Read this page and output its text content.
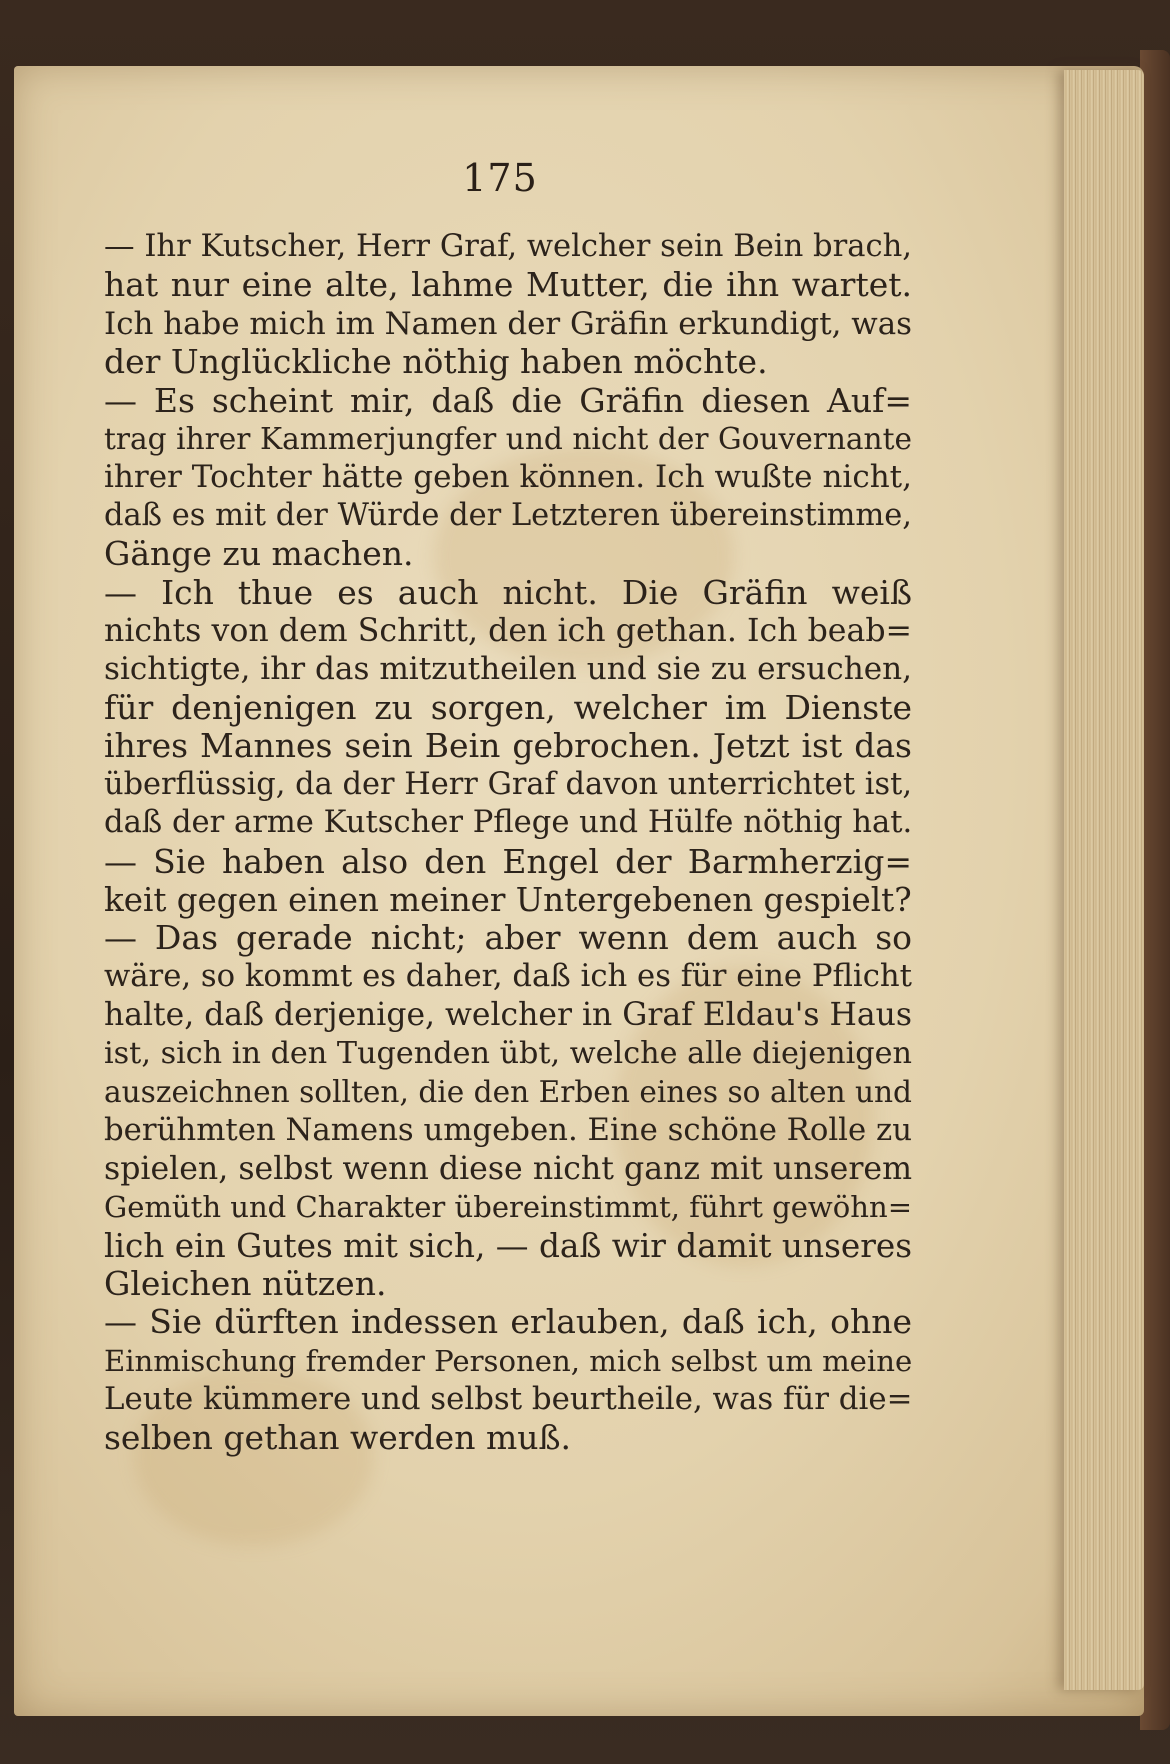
175
— Ihr Kutscher, Herr Graf, welcher sein Bein brach,
hat nur eine alte, lahme Mutter, die ihn wartet.
Ich habe mich im Namen der Gräfin erkundigt, was
der Unglückliche nöthig haben möchte.
— Es scheint mir, daß die Gräfin diesen Auf=
trag ihrer Kammerjungfer und nicht der Gouvernante
ihrer Tochter hätte geben können. Ich wußte nicht,
daß es mit der Würde der Letzteren übereinstimme,
Gänge zu machen.
— Ich thue es auch nicht. Die Gräfin weiß
nichts von dem Schritt, den ich gethan. Ich beab=
sichtigte, ihr das mitzutheilen und sie zu ersuchen,
für denjenigen zu sorgen, welcher im Dienste
ihres Mannes sein Bein gebrochen. Jetzt ist das
überflüssig, da der Herr Graf davon unterrichtet ist,
daß der arme Kutscher Pflege und Hülfe nöthig hat.
— Sie haben also den Engel der Barmherzig=
keit gegen einen meiner Untergebenen gespielt?
— Das gerade nicht; aber wenn dem auch so
wäre, so kommt es daher, daß ich es für eine Pflicht
halte, daß derjenige, welcher in Graf Eldau's Haus
ist, sich in den Tugenden übt, welche alle diejenigen
auszeichnen sollten, die den Erben eines so alten und
berühmten Namens umgeben. Eine schöne Rolle zu
spielen, selbst wenn diese nicht ganz mit unserem
Gemüth und Charakter übereinstimmt, führt gewöhn=
lich ein Gutes mit sich, — daß wir damit unseres
Gleichen nützen.
— Sie dürften indessen erlauben, daß ich, ohne
Einmischung fremder Personen, mich selbst um meine
Leute kümmere und selbst beurtheile, was für die=
selben gethan werden muß.
